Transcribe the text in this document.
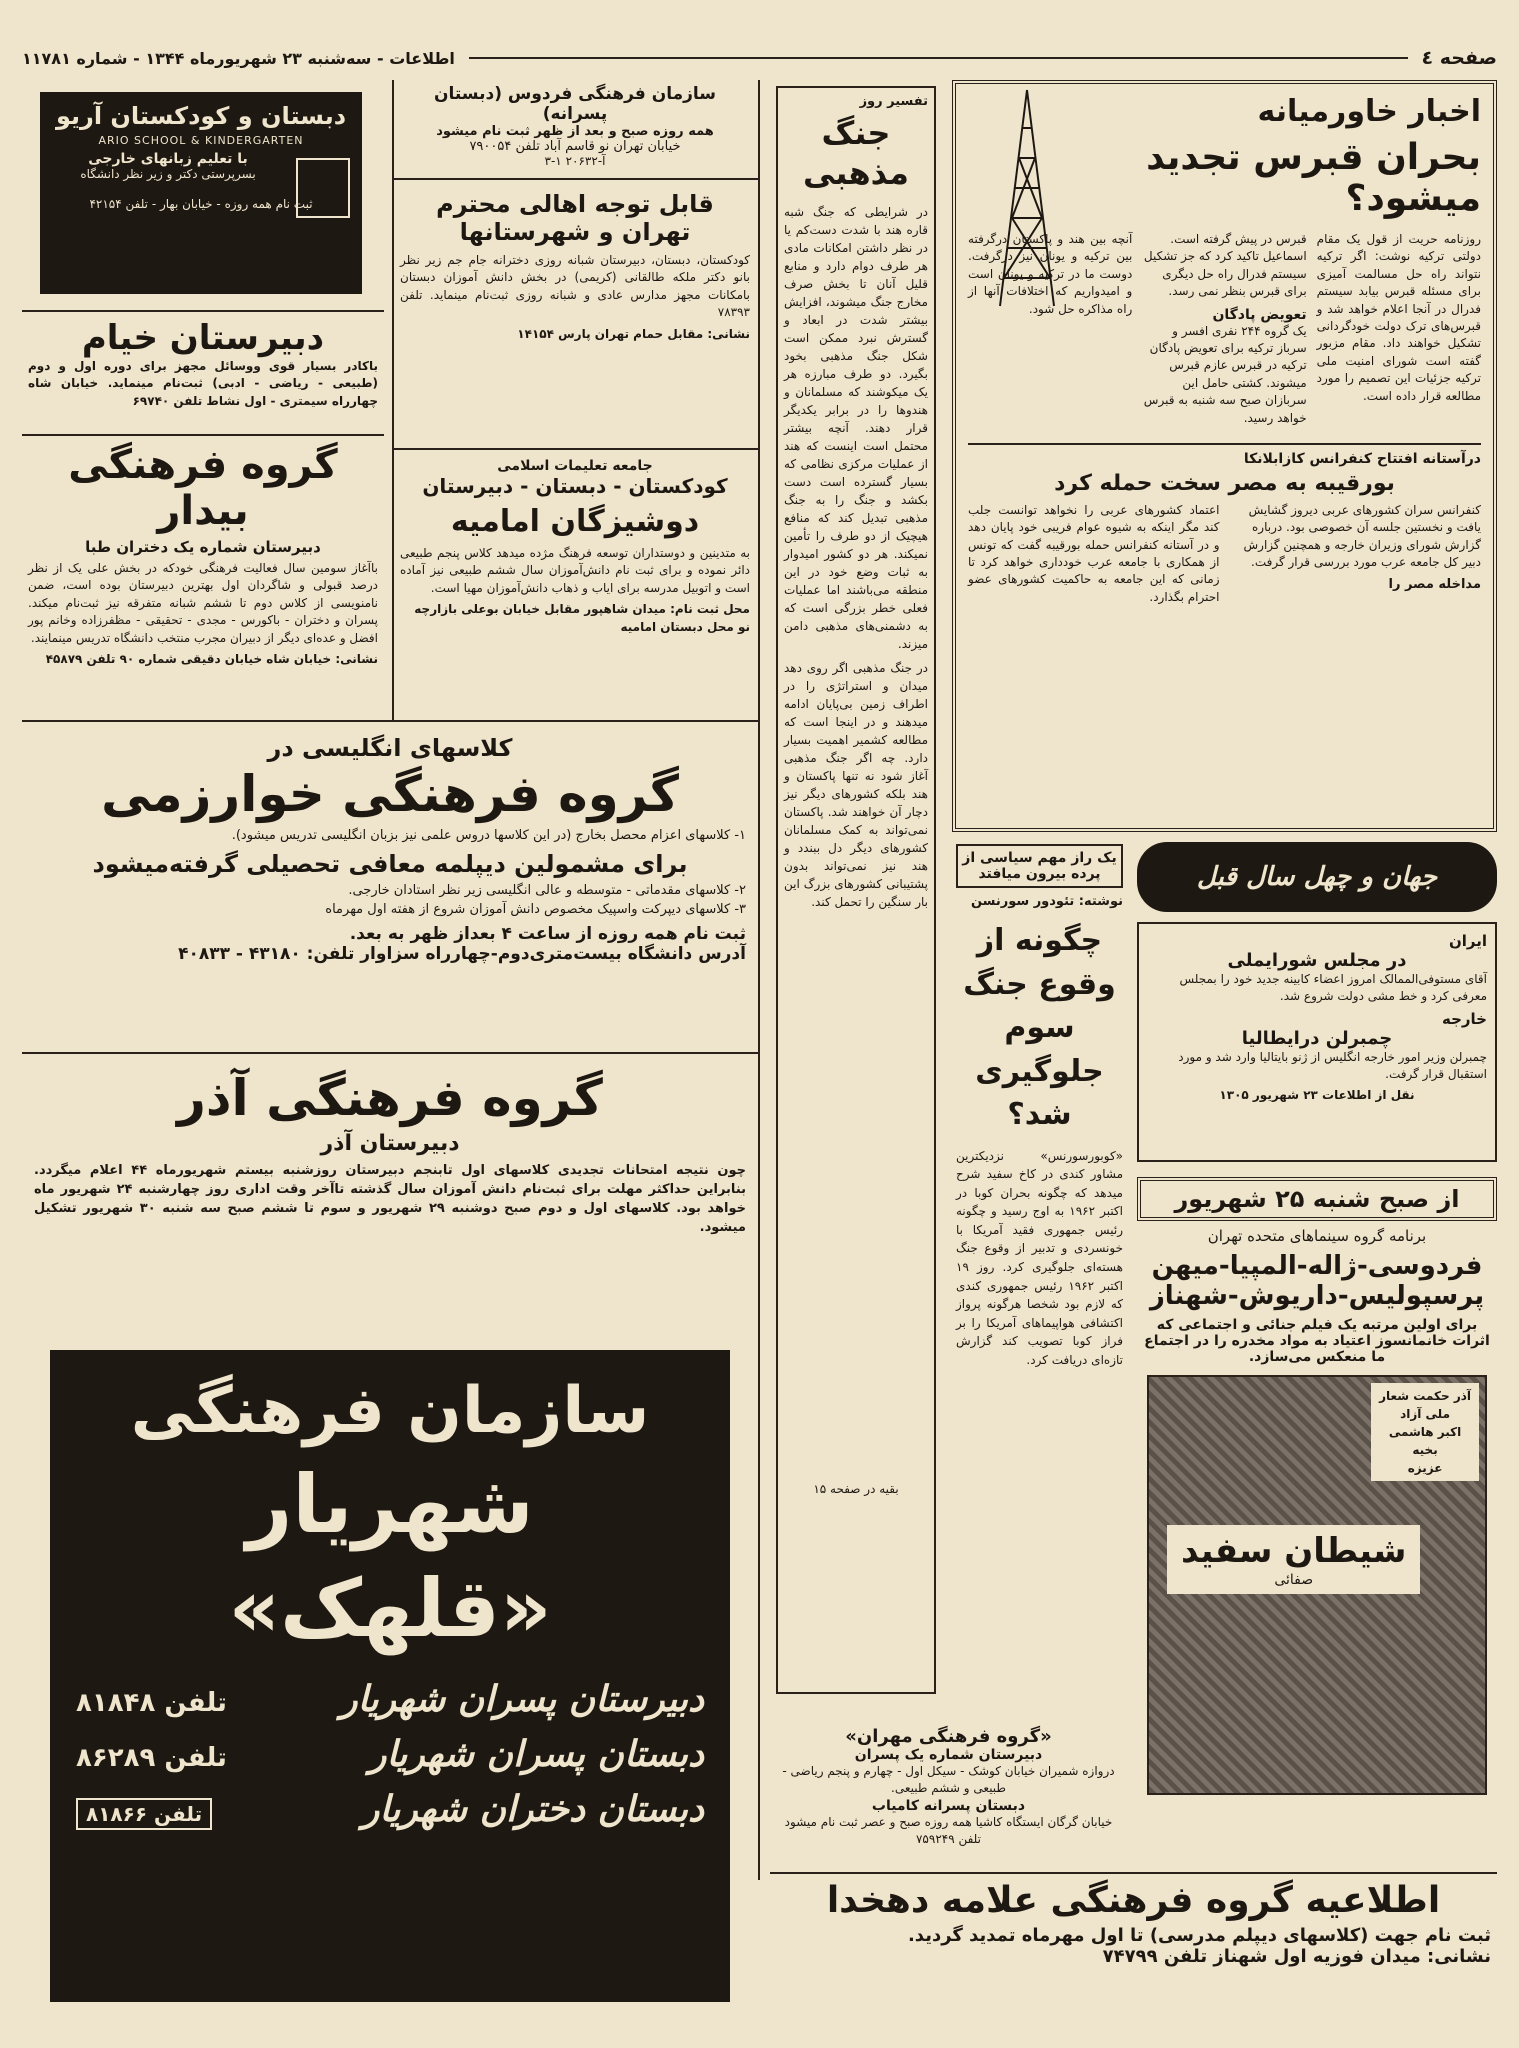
صفحه ٤
اطلاعات - سه‌شنبه ۲۳ شهریورماه ۱۳۴۴ - شماره ۱۱۷۸۱
اخبار خاورمیانه
بحران قبرس تجدید میشود؟
روزنامه حریت از قول یک مقام دولتی ترکیه نوشت: اگر ترکیه نتواند راه حل مسالمت آمیزی برای مسئله قبرس بیابد سیستم فدرال در آنجا اعلام خواهد شد و قبرس‌های ترک دولت خودگردانی تشکیل خواهند داد. مقام مزبور گفته است شورای امنیت ملی ترکیه جزئیات این تصمیم را مورد مطالعه قرار داده است.

قبرس در پیش گرفته است. اسماعیل تاکید کرد که جز تشکیل سیستم فدرال راه حل دیگری برای قبرس بنظر نمی رسد.

تعویض پادگان

یک گروه ۲۴۴ نفری افسر و سرباز ترکیه برای تعویض پادگان ترکیه در قبرس عازم قبرس میشوند. کشتی حامل این سربازان صبح سه شنبه به قبرس خواهد رسید.

آنچه بین هند و پاکستان درگرفته بین ترکیه و یونان نیز درگرفت. دوست ما در ترکیه و یونان است و امیدواریم که اختلافات آنها از راه مذاکره حل شود.
درآستانه افتتاح کنفرانس کازابلانکا
بورقیبه به مصر سخت حمله کرد

کنفرانس سران کشورهای عربی دیروز گشایش یافت و نخستین جلسه آن خصوصی بود. درباره گزارش شورای وزیران خارجه و همچنین گزارش دبیر کل جامعه عرب مورد بررسی قرار گرفت.

مداخله مصر را
اعتماد کشورهای عربی را نخواهد توانست جلب کند مگر اینکه به شیوه عوام فریبی خود پایان دهد و در آستانه کنفرانس حمله بورقیبه گفت که تونس از همکاری با جامعه عرب خودداری خواهد کرد تا زمانی که این جامعه به حاکمیت کشورهای عضو احترام بگذارد.
تفسیر روز
جنگ مذهبی
در شرایطی که جنگ شبه قاره هند با شدت دست‌کم یا در نظر داشتن امکانات مادی هر طرف دوام دارد و منابع قلیل آنان تا بخش صرف مخارج جنگ میشوند، افزایش بیشتر شدت در ابعاد و گسترش نبرد ممکن است شکل جنگ مذهبی بخود بگیرد. دو طرف مبارزه هر یک میکوشند که مسلمانان و هندوها را در برابر یکدیگر قرار دهند. آنچه بیشتر محتمل است اینست که هند از عملیات مرکزی نظامی که بسیار گسترده است دست بکشد و جنگ را به جنگ مذهبی تبدیل کند که منافع هیچیک از دو طرف را تأمین نمیکند. هر دو کشور امیدوار به ثبات وضع خود در این منطقه می‌باشند اما عملیات فعلی خطر بزرگی است که به دشمنی‌های مذهبی دامن میزند.
در جنگ مذهبی اگر روی دهد میدان و استراتژی را در اطراف زمین بی‌پایان ادامه میدهند و در اینجا است که مطالعه کشمیر اهمیت بسیار دارد. چه اگر جنگ مذهبی آغاز شود نه تنها پاکستان و هند بلکه کشورهای دیگر نیز دچار آن خواهند شد. پاکستان نمی‌تواند به کمک مسلمانان کشورهای دیگر دل ببندد و هند نیز نمی‌تواند بدون پشتیبانی کشورهای بزرگ این بار سنگین را تحمل کند.
یک راز مهم سیاسی از پرده بیرون میافتد
نوشته: تئودور سورنسن
چگونه از وقوع جنگ سوم جلوگیری شد؟
«کوبورسورنس» نزدیکترین مشاور کندی در کاخ سفید شرح میدهد که چگونه بحران کوبا در اکتبر ۱۹۶۲ به اوج رسید و چگونه رئیس جمهوری فقید آمریکا با خونسردی و تدبیر از وقوع جنگ هسته‌ای جلوگیری کرد. روز ۱۹ اکتبر ۱۹۶۲ رئیس جمهوری کندی که لازم بود شخصا هرگونه پرواز اکتشافی هواپیماهای آمریکا را بر فراز کوبا تصویب کند گزارش تازه‌ای دریافت کرد.
بقیه در صفحه ۱۵
«گروه فرهنگی مهران»
دبیرستان شماره یک پسران
دروازه شمیران خیابان کوشک - سیکل اول - چهارم و پنجم ریاضی - طبیعی و ششم طبیعی.
دبستان پسرانه کامیاب
خیابان گرگان ایستگاه کاشیا همه روزه صبح و عصر ثبت نام میشود تلفن ۷۵۹۲۴۹
جهان و چهل سال قبل
ایران
در مجلس شورایملی
آقای مستوفی‌الممالک امروز اعضاء کابینه جدید خود را بمجلس معرفی کرد و خط مشی دولت شروع شد.
خارجه
چمبرلن درایطالیا
چمبرلن وزیر امور خارجه انگلیس از ژنو بایتالیا وارد شد و مورد استقبال قرار گرفت.
نقل از اطلاعات ۲۳ شهریور ۱۳۰۵
از صبح شنبه ۲۵ شهریور
برنامه گروه سینماهای متحده تهران
فردوسی-ژاله-المپیا-میهن
پرسپولیس-داریوش-شهناز
برای اولین مرتبه یک فیلم جنائی و اجتماعی که اثرات خانمانسوز اعتیاد به مواد مخدره را در اجتماع ما منعکس می‌سازد.
آذر حکمت شعار
ملی آزاد
اکبر هاشمی
بخیه
عزیزه
شیطان سفید
صفائی
اطلاعیه گروه فرهنگی علامه دهخدا
ثبت نام جهت (کلاسهای دیپلم مدرسی) تا اول مهرماه تمدید گردید.
نشانی: میدان فوزیه اول شهناز تلفن ۷۴۷۹۹
سازمان فرهنگی فردوس (دبستان پسرانه)
همه روزه صبح و بعد از ظهر ثبت نام میشود
خیابان تهران نو قاسم آباد تلفن ۷۹۰۰۵۴
آ-۲۰۶۳۲ ۱-۳
قابل توجه اهالی محترم
تهران و شهرستانها
کودکستان، دبستان، دبیرستان شبانه روزی دخترانه جام جم زیر نظر بانو دکتر ملکه طالقانی (کریمی) در بخش دانش آموزان دبستان بامکانات مجهز مدارس عادی و شبانه روزی ثبت‌نام مینماید. تلفن ۷۸۳۹۳
نشانی: مقابل حمام تهران پارس ۱۴۱۵۴
جامعه تعلیمات اسلامی
کودکستان - دبستان - دبیرستان
دوشیزگان امامیه
به متدینین و دوستداران توسعه فرهنگ مژده میدهد کلاس پنجم طبیعی دائر نموده و برای ثبت نام دانش‌آموزان سال ششم طبیعی نیز آماده است و اتوبیل مدرسه برای ایاب و ذهاب دانش‌آموزان مهیا است.
محل ثبت نام: میدان شاهپور مقابل خیابان بوعلی بازارچه نو محل دبستان امامیه
دبستان و کودکستان آریو
ARIO SCHOOL & KINDERGARTEN
با تعلیم زبانهای خارجی
بسرپرستی دکتر و زیر نظر دانشگاه
ثبت نام همه روزه - خیابان بهار - تلفن ۴۲۱۵۴
دبیرستان خیام
باکادر بسیار قوی ووسائل مجهز برای دوره اول و دوم (طبیعی - ریاضی - ادبی) ثبت‌نام مینماید. خیابان شاه چهارراه سیمتری - اول نشاط تلفن ۶۹۷۴۰
گروه فرهنگی بیدار
دبیرستان شماره یک دختران طبا
باآغاز سومین سال فعالیت فرهنگی خودکه در بخش علی یک از نظر درصد قبولی و شاگردان اول بهترین دبیرستان بوده است، ضمن نامنویسی از کلاس دوم تا ششم شبانه متفرقه نیز ثبت‌نام میکند. پسران و دختران - باکورس - مجدی - تحقیقی - مظفرزاده وخانم پور افضل و عده‌ای دیگر از دبیران مجرب منتخب دانشگاه تدریس مینمایند.
نشانی: خیابان شاه خیابان دقیقی شماره ۹۰ تلفن ۴۵۸۷۹
کلاسهای انگلیسی در
گروه فرهنگی خوارزمی
۱- کلاسهای اعزام محصل بخارج (در این کلاسها دروس علمی نیز بزبان انگلیسی تدریس میشود).
برای مشمولین دیپلمه معافی تحصیلی گرفته‌میشود
۲- کلاسهای مقدماتی - متوسطه و عالی انگلیسی زیر نظر استادان خارجی.
۳- کلاسهای دیپرکت واسپیک مخصوص دانش آموزان شروع از هفته اول مهرماه
ثبت نام همه روزه از ساعت ۴ بعداز ظهر به بعد.
آدرس دانشگاه بیست‌متری‌دوم-چهارراه سزاوار تلفن: ۴۳۱۸۰ - ۴۰۸۳۳
گروه فرهنگی آذر
دبیرستان آذر
چون نتیجه امتحانات تجدیدی کلاسهای اول تابنجم دبیرستان روزشنبه بیستم شهریورماه ۴۴ اعلام میگردد. بنابراین حداکثر مهلت برای ثبت‌نام دانش آموزان سال گذشته تاآخر وقت اداری روز چهارشنبه ۲۴ شهریور ماه خواهد بود. کلاسهای اول و دوم صبح دوشنبه ۲۹ شهریور و سوم تا ششم صبح سه شنبه ۳۰ شهریور تشکیل میشود.
سازمان فرهنگی
شهریار «قلهک»
دبیرستان پسران شهریار
تلفن ۸۱۸۴۸
دبستان پسران شهریار
تلفن ۸۶۲۸۹
دبستان دختران شهریار
تلفن ۸۱۸۶۶
